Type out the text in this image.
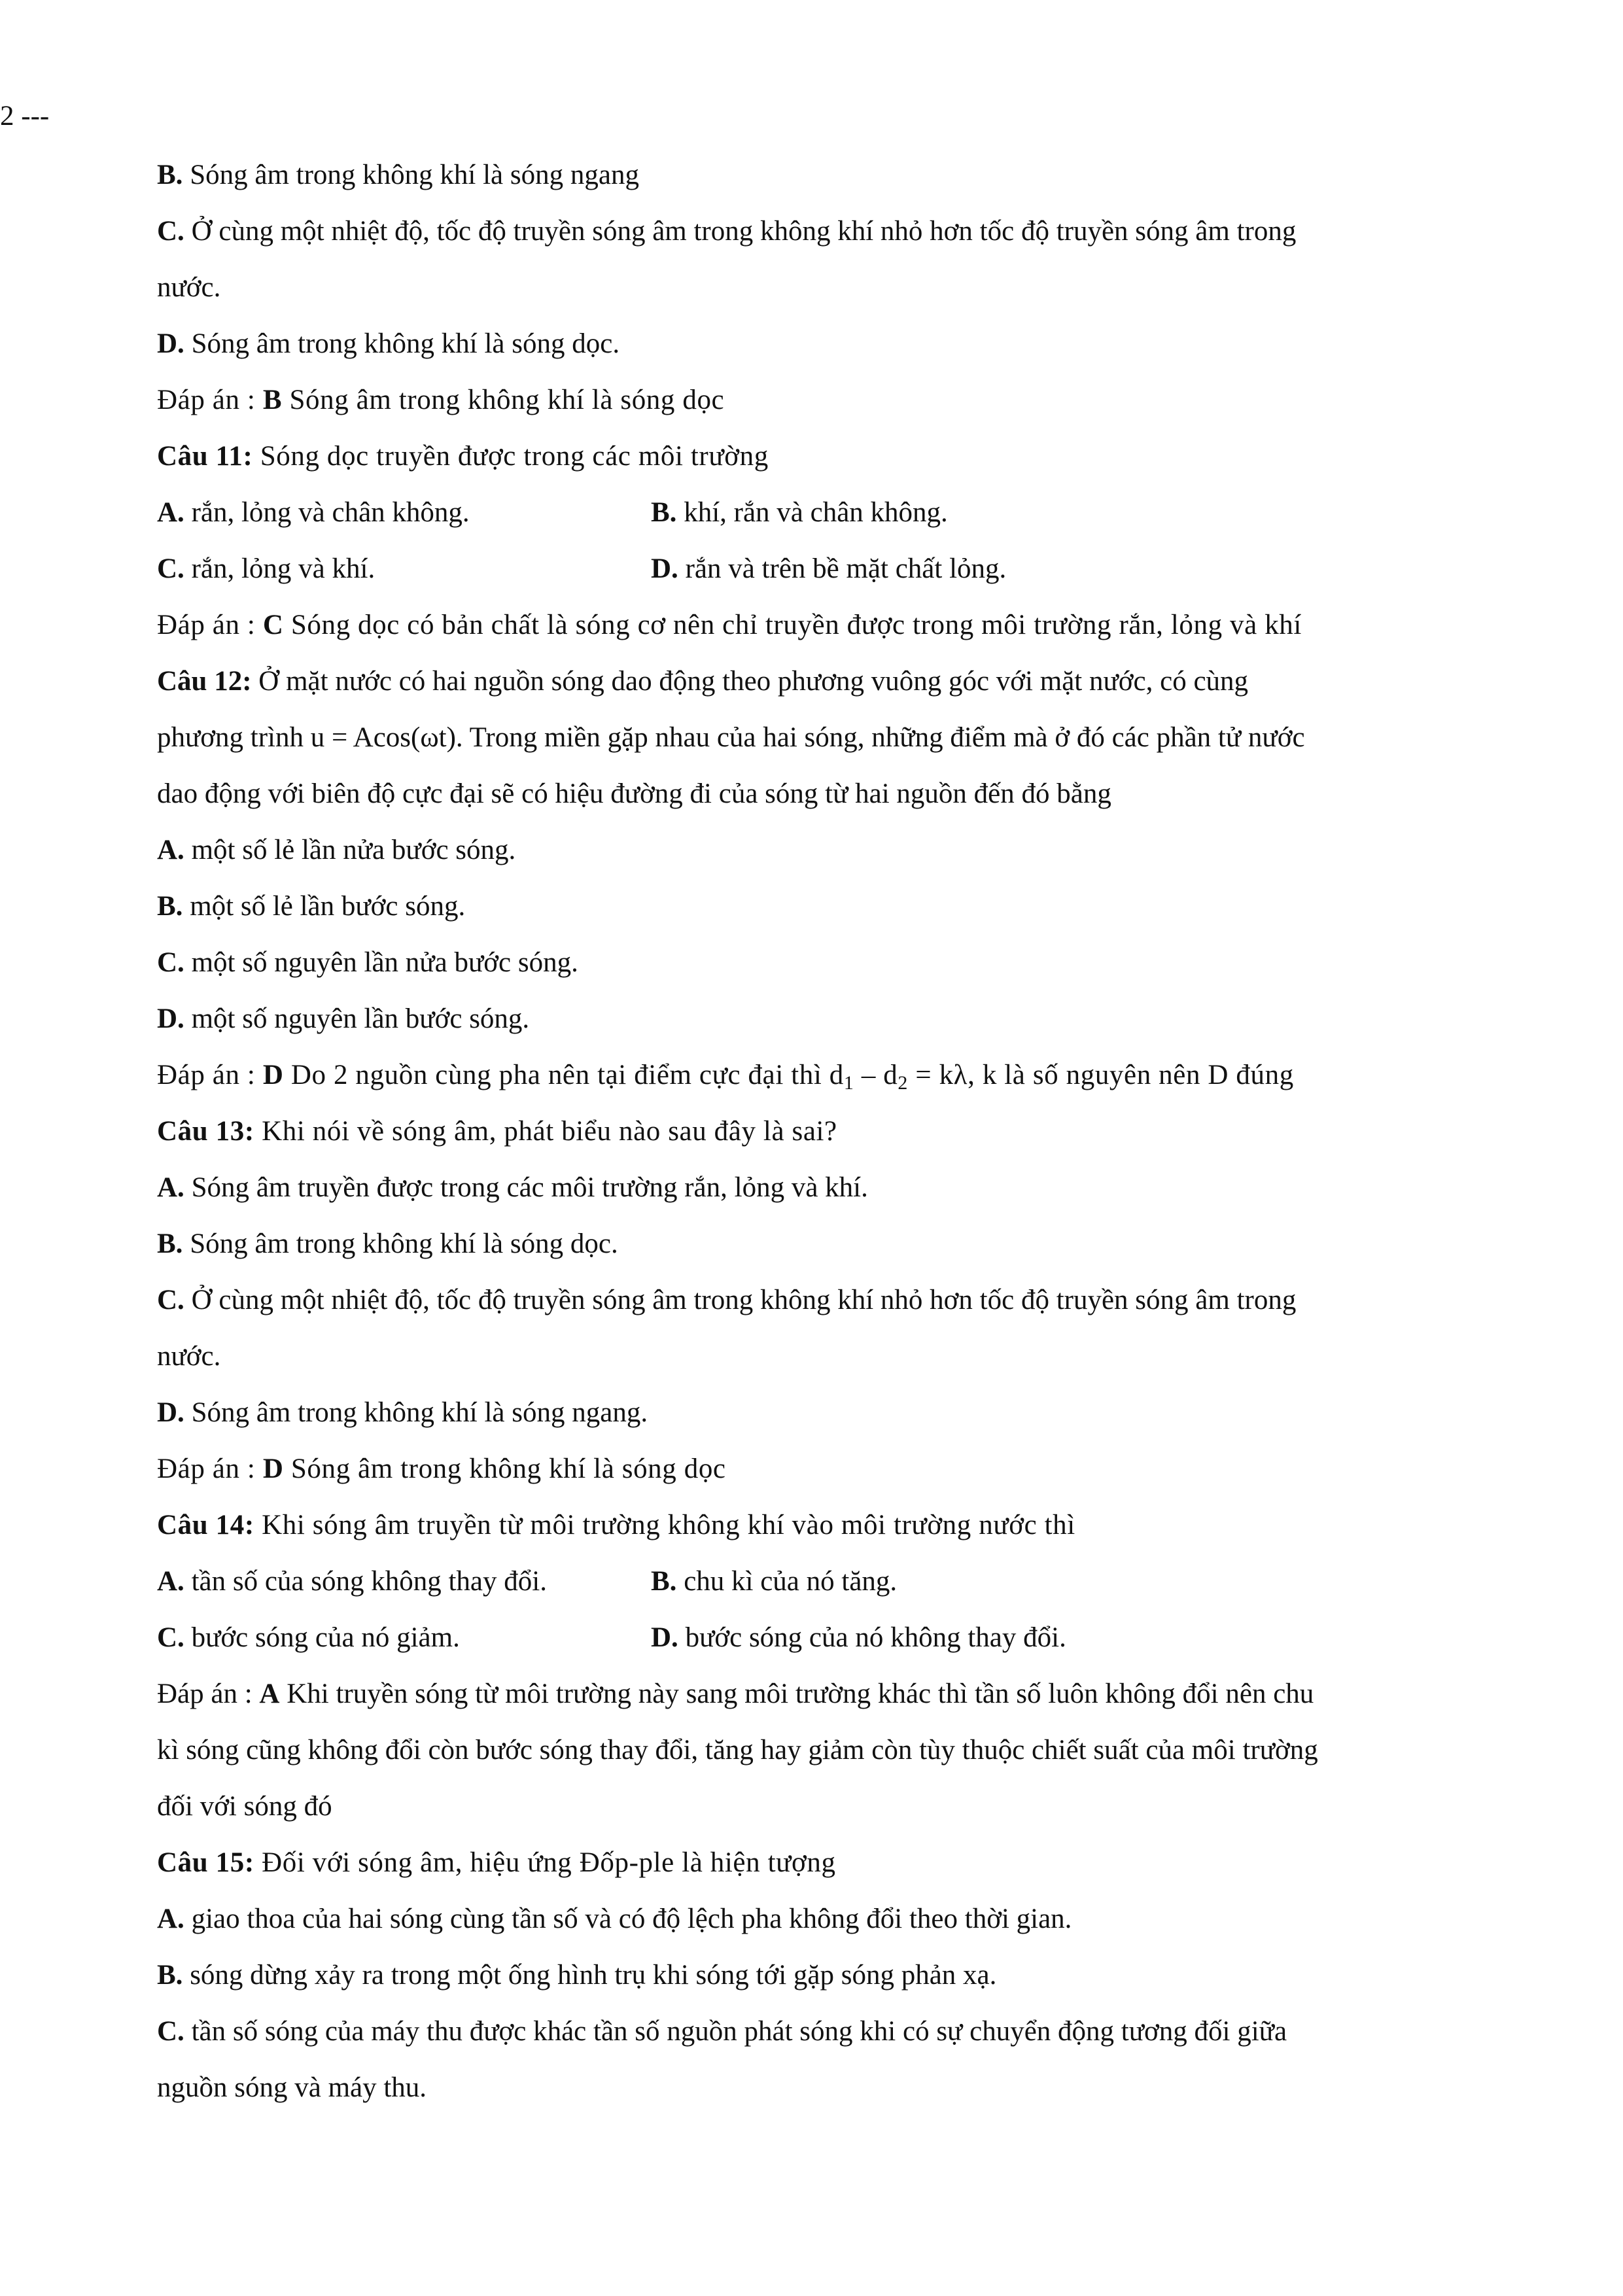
2 ---
B. Sóng âm trong không khí là sóng ngang
C. Ở cùng một nhiệt độ, tốc độ truyền sóng âm trong không khí nhỏ hơn tốc độ truyền sóng âm trong
nước.
D. Sóng âm trong không khí là sóng dọc.
Đáp án : B Sóng âm trong không khí là sóng dọc
Câu 11: Sóng dọc truyền được trong các môi trường
A. rắn, lỏng và chân không.	B. khí, rắn và chân không.
C. rắn, lỏng và khí.	D. rắn và trên bề mặt chất lỏng.
Đáp án : C Sóng dọc có bản chất là sóng cơ nên chỉ truyền được trong môi trường rắn, lỏng và khí
Câu 12: Ở mặt nước có hai nguồn sóng dao động theo phương vuông góc với mặt nước, có cùng
phương trình u = Acos(ωt). Trong miền gặp nhau của hai sóng, những điểm mà ở đó các phần tử nước
dao động với biên độ cực đại sẽ có hiệu đường đi của sóng từ hai nguồn đến đó bằng
A. một số lẻ lần nửa bước sóng.
B. một số lẻ lần bước sóng.
C. một số nguyên lần nửa bước sóng.
D. một số nguyên lần bước sóng.
Đáp án : D Do 2 nguồn cùng pha nên tại điểm cực đại thì $d_1 - d_2 = k\lambda$, k là số nguyên nên D đúng
Câu 13: Khi nói về sóng âm, phát biểu nào sau đây là sai?
A. Sóng âm truyền được trong các môi trường rắn, lỏng và khí.
B. Sóng âm trong không khí là sóng dọc.
C. Ở cùng một nhiệt độ, tốc độ truyền sóng âm trong không khí nhỏ hơn tốc độ truyền sóng âm trong
nước.
D. Sóng âm trong không khí là sóng ngang.
Đáp án : D Sóng âm trong không khí là sóng dọc
Câu 14: Khi sóng âm truyền từ môi trường không khí vào môi trường nước thì
A. tần số của sóng không thay đổi.	B. chu kì của nó tăng.
C. bước sóng của nó giảm.	D. bước sóng của nó không thay đổi.
Đáp án : A Khi truyền sóng từ môi trường này sang môi trường khác thì tần số luôn không đổi nên chu
kì sóng cũng không đổi còn bước sóng thay đổi, tăng hay giảm còn tùy thuộc chiết suất của môi trường
đối với sóng đó
Câu 15: Đối với sóng âm, hiệu ứng Đốp-ple là hiện tượng
A. giao thoa của hai sóng cùng tần số và có độ lệch pha không đổi theo thời gian.
B. sóng dừng xảy ra trong một ống hình trụ khi sóng tới gặp sóng phản xạ.
C. tần số sóng của máy thu được khác tần số nguồn phát sóng khi có sự chuyển động tương đối giữa
nguồn sóng và máy thu.
